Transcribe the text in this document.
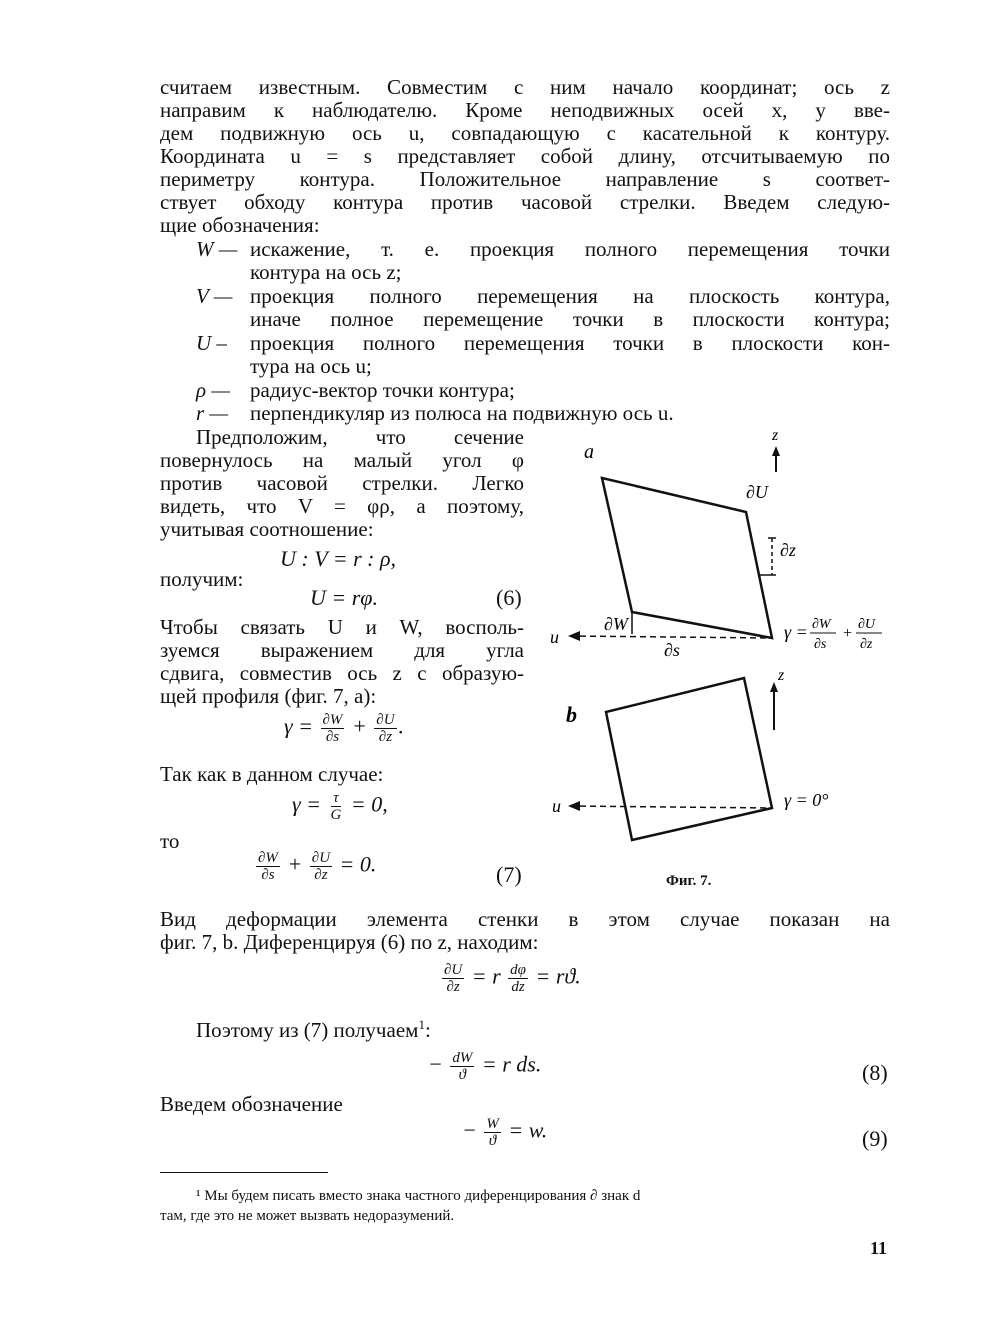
считаем известным. Совместим с ним начало координат; ось z
направим к наблюдателю. Кроме неподвижных осей x, y вве-
дем подвижную ось u, совпадающую с касательной к контуру.
Координата u = s представляет собой длину, отсчитываемую по
периметру контура. Положительное направление s соответ-
ствует обходу контура против часовой стрелки. Введем следую-
щие обозначения:
W — искажение, т. е. проекция полного перемещения точки
контура на ось z;
V — проекция полного перемещения на плоскость контура,
иначе полное перемещение точки в плоскости контура;
U – проекция полного перемещения точки в плоскости кон-
тура на ось u;
ρ — радиус-вектор точки контура;
r — перпендикуляр из полюса на подвижную ось u.
Предположим, что сечение
повернулось на малый угол φ
против часовой стрелки. Легко
видеть, что V = φρ, а поэтому,
учитывая соотношение:
U : V = r : ρ,
получим:
U = rφ.	(6)
Чтобы связать U и W, восполь-
зуемся выражением для угла
сдвига, совместив ось z с образую-
щей профиля (фиг. 7, a):
$\gamma = \frac{\partial W}{\partial s} + \frac{\partial U}{\partial z}$ .
Так как в данном случае:
$\gamma = \frac{\tau}{G} = 0$,
то
$\frac{\partial W}{\partial s} + \frac{\partial U}{\partial z} = 0$.	(7)
a
z
∂U
∂z
u
∂W
∂s
γ = ∂W
∂s
+
∂U
∂z
b
z
u	γ = 0°
Фиг. 7.
Вид деформации элемента стенки в этом случае показан на
фиг. 7, b. Диференцируя (6) по z, находим:
$\frac{\partial U}{\partial z} = r \frac{d\varphi}{dz} = rϑ$.
Поэтому из (7) получаем$^1$:
− $\frac{dW}{ϑ} = r$ ds.	(8)
Введем обозначение
− $\frac{W}{ϑ} = w$.	(9)
¹ Мы будем писать вместо знака частного диференцирования ∂ знак d
там, где это не может вызвать недоразумений.
11
